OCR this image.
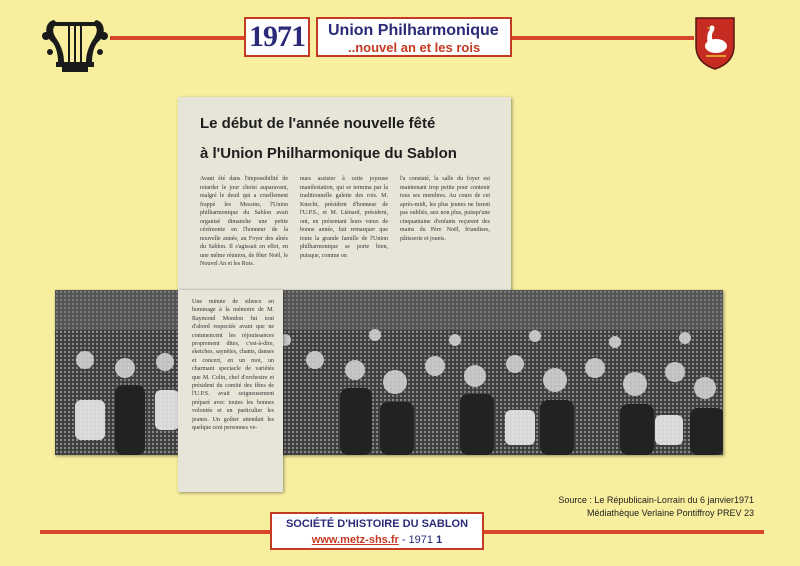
1971 Union Philharmonique
..nouvel an et les rois
Le début de l'année nouvelle fêté
à l'Union Philharmonique du Sablon
Avant été dans l'impossibilité de retarder le jour choisi auparavant, malgré le deuil qui a cruellement frappé les Messins, l'Union philharmonique du Sablon avait organisé dimanche une petite cérémonie en l'honneur de la nouvelle année, au Foyer des aînés du Sablon. Il s'agissait en effet, en une même réunion, de fêter Noël, le Nouvel An et les Rois.
nues assister à cette joyeuse manifestation, qui se termina par la traditionnelle galette des rois. M. Knecht, président d'honneur de l'U.P.S., et M. Liénard, président, ont, en présentant leurs vœux de bonne année, fait remarquer que toute la grande famille de l'Union philharmonique se porte bien, puisque, comme on
l'a constaté, la salle du foyer est maintenant trop petite pour contenir tous ses membres. Au cours de cet après-midi, les plus jeunes ne furent pas oubliés, aux non plus, puisqu'une cinquantaine d'enfants reçurent des mains du Père Noël, friandises, pâtisserie et jouets.
Une minute de silence en hommage à la mémoire de M. Raymond Mondon fut tout d'abord respectée avant que ne commencent les réjouissances proprement dites, c'est-à-dire, sketches, saynètes, chants, danses et concert, en un mot, un charmant spectacle de variétés que M. Colin, chef d'orchestre et président du comité des fêtes de l'U.P.S. avait soigneusement préparé avec toutes les bonnes volontés et en particulier les jeunes. Un goûter attendait les quelque cent personnes ve-
Source : Le Républicain-Lorrain du 6 janvier1971
Médiathèque Verlaine Pontiffroy PREV 23
SOCIÉTÉ D'HISTOIRE DU SABLON
www.metz-shs.fr - 1971 1
